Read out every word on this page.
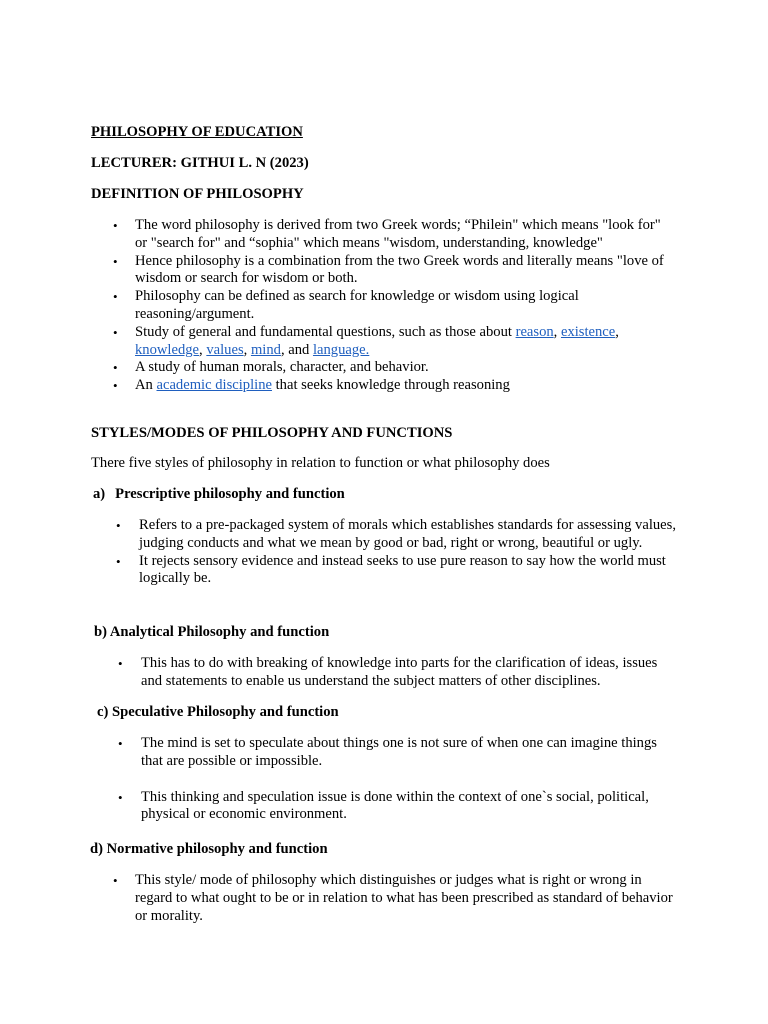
PHILOSOPHY OF EDUCATION
LECTURER: GITHUI L. N (2023)
DEFINITION OF PHILOSOPHY
• The word philosophy is derived from two Greek words; “Philein" which means "look for" or "search for" and “sophia" which means "wisdom, understanding, knowledge"
• Hence philosophy is a combination from the two Greek words and literally means "love of wisdom or search for wisdom or both.
• Philosophy can be defined as search for knowledge or wisdom using logical reasoning/argument.
• Study of general and fundamental questions, such as those about reason, existence, knowledge, values, mind, and language.
• A study of human morals, character, and behavior.
• An academic discipline that seeks knowledge through reasoning
STYLES/MODES OF PHILOSOPHY AND FUNCTIONS
There five styles of philosophy in relation to function or what philosophy does
a) Prescriptive philosophy and function
• Refers to a pre-packaged system of morals which establishes standards for assessing values, judging conducts and what we mean by good or bad, right or wrong, beautiful or ugly.
• It rejects sensory evidence and instead seeks to use pure reason to say how the world must logically be.
b) Analytical Philosophy and function
• This has to do with breaking of knowledge into parts for the clarification of ideas, issues and statements to enable us understand the subject matters of other disciplines.
c) Speculative Philosophy and function
• The mind is set to speculate about things one is not sure of when one can imagine things that are possible or impossible.
• This thinking and speculation issue is done within the context of one`s social, political, physical or economic environment.
d) Normative philosophy and function
• This style/ mode of philosophy which distinguishes or judges what is right or wrong in regard to what ought to be or in relation to what has been prescribed as standard of behavior or morality.
